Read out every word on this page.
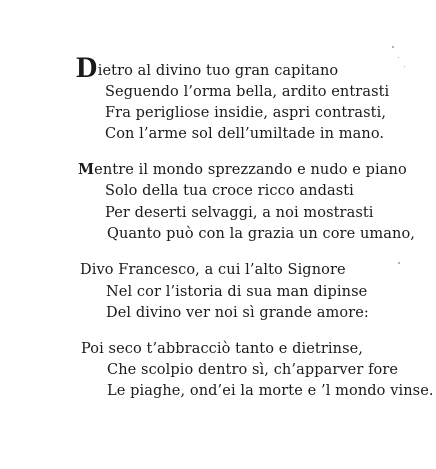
Dietro al divino tuo gran capitano
Seguendo l’orma bella, ardito entrasti
Fra perigliose insidie, aspri contrasti,
Con l’arme sol dell’umiltade in mano.
Mentre il mondo sprezzando e nudo e piano
Solo della tua croce ricco andasti
Per deserti selvaggi, a noi mostrasti
Quanto può con la grazia un core umano,
Divo Francesco, a cui l’alto Signore
Nel cor l’istoria di sua man dipinse
Del divino ver noi sì grande amore:
Poi seco t’abbracciò tanto e dietrinse,
Che scolpio dentro sì, ch’apparver fore
Le piaghe, ond’ei la morte e ’l mondo vinse.
